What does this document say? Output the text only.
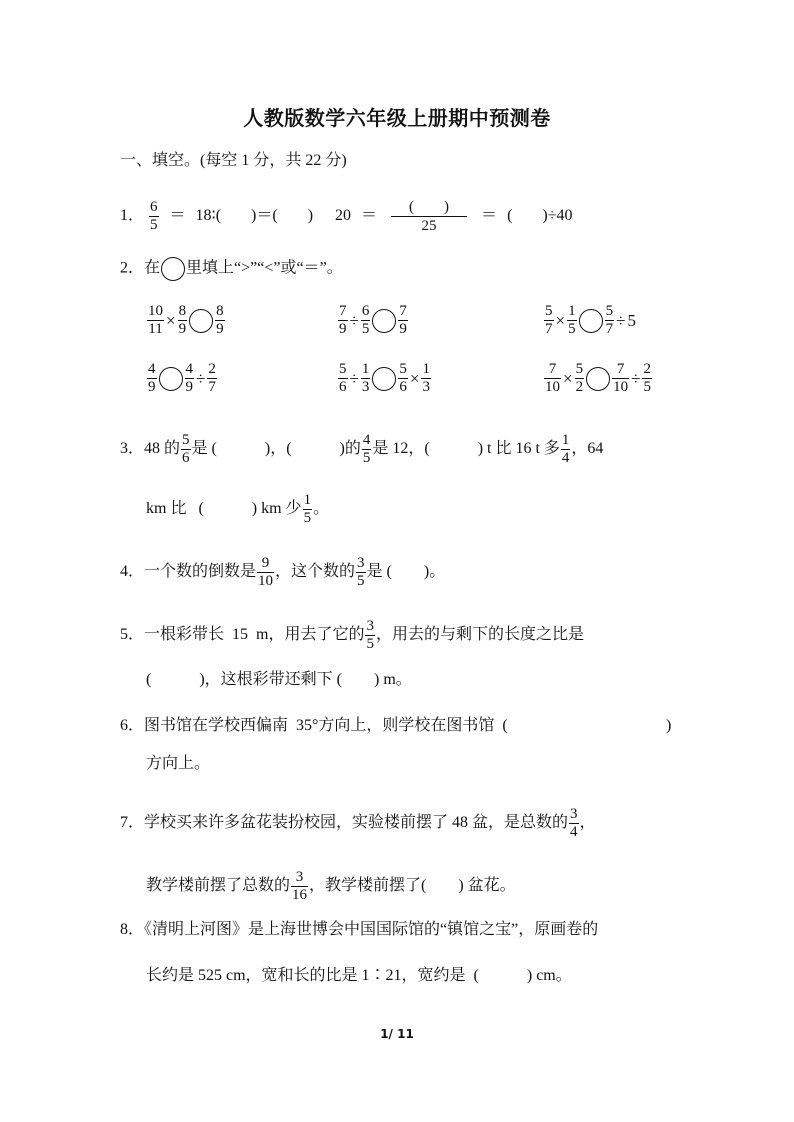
人教版数学六年级上册期中预测卷
一、填空。(每空 1 分，共 22 分)
1． $\frac{6}{5}$ ＝ 18∶( )＝( ) $20 = \frac{( )}{25}$ ＝ ( )÷40
2．在 里填上“>”“<”或“＝”。
$\frac{10}{11} \times \frac{8}{9} \frac{8}{9}$	$\frac{7}{9} \div \frac{6}{5} \frac{7}{9}$	$\frac{5}{7} \times \frac{1}{5} \frac{5}{7} \div 5$
$\frac{4}{9} \frac{4}{9} \div \frac{2}{7}$	$\frac{5}{6} \div \frac{1}{3} \frac{5}{6} \times \frac{1}{3}$	$\frac{7}{10} \times \frac{5}{2} \frac{7}{10} \div \frac{2}{5}$
3．48 的 $\frac{5}{6}$ 是 (            )，(            )的 $\frac{4}{5}$ 是 12，(            ) t 比 16 t 多 $\frac{1}{4}$ ，64
km 比   (            ) km 少 $\frac{1}{5}$ 。
4．一个数的倒数是 $\frac{9}{10}$ ，这个数的 $\frac{3}{5}$ 是 (        )。
5．一根彩带长  15  m，用去了它的 $\frac{3}{5}$ ，用去的与剩下的长度之比是
(            )，这根彩带还剩下 (        ) m。
6．图书馆在学校西偏南  35°方向上，则学校在图书馆  (	)
方向上。
7．学校买来许多盆花装扮校园，实验楼前摆了 48 盆，是总数的 $\frac{3}{4}$ ，
教学楼前摆了总数的 $\frac{3}{16}$ ，教学楼前摆了(        ) 盆花。
8．《清明上河图》是上海世博会中国国际馆的“镇馆之宝”，原画卷的
长约是 525 cm，宽和长的比是 1∶21，宽约是  (            ) cm。
1/ 11
